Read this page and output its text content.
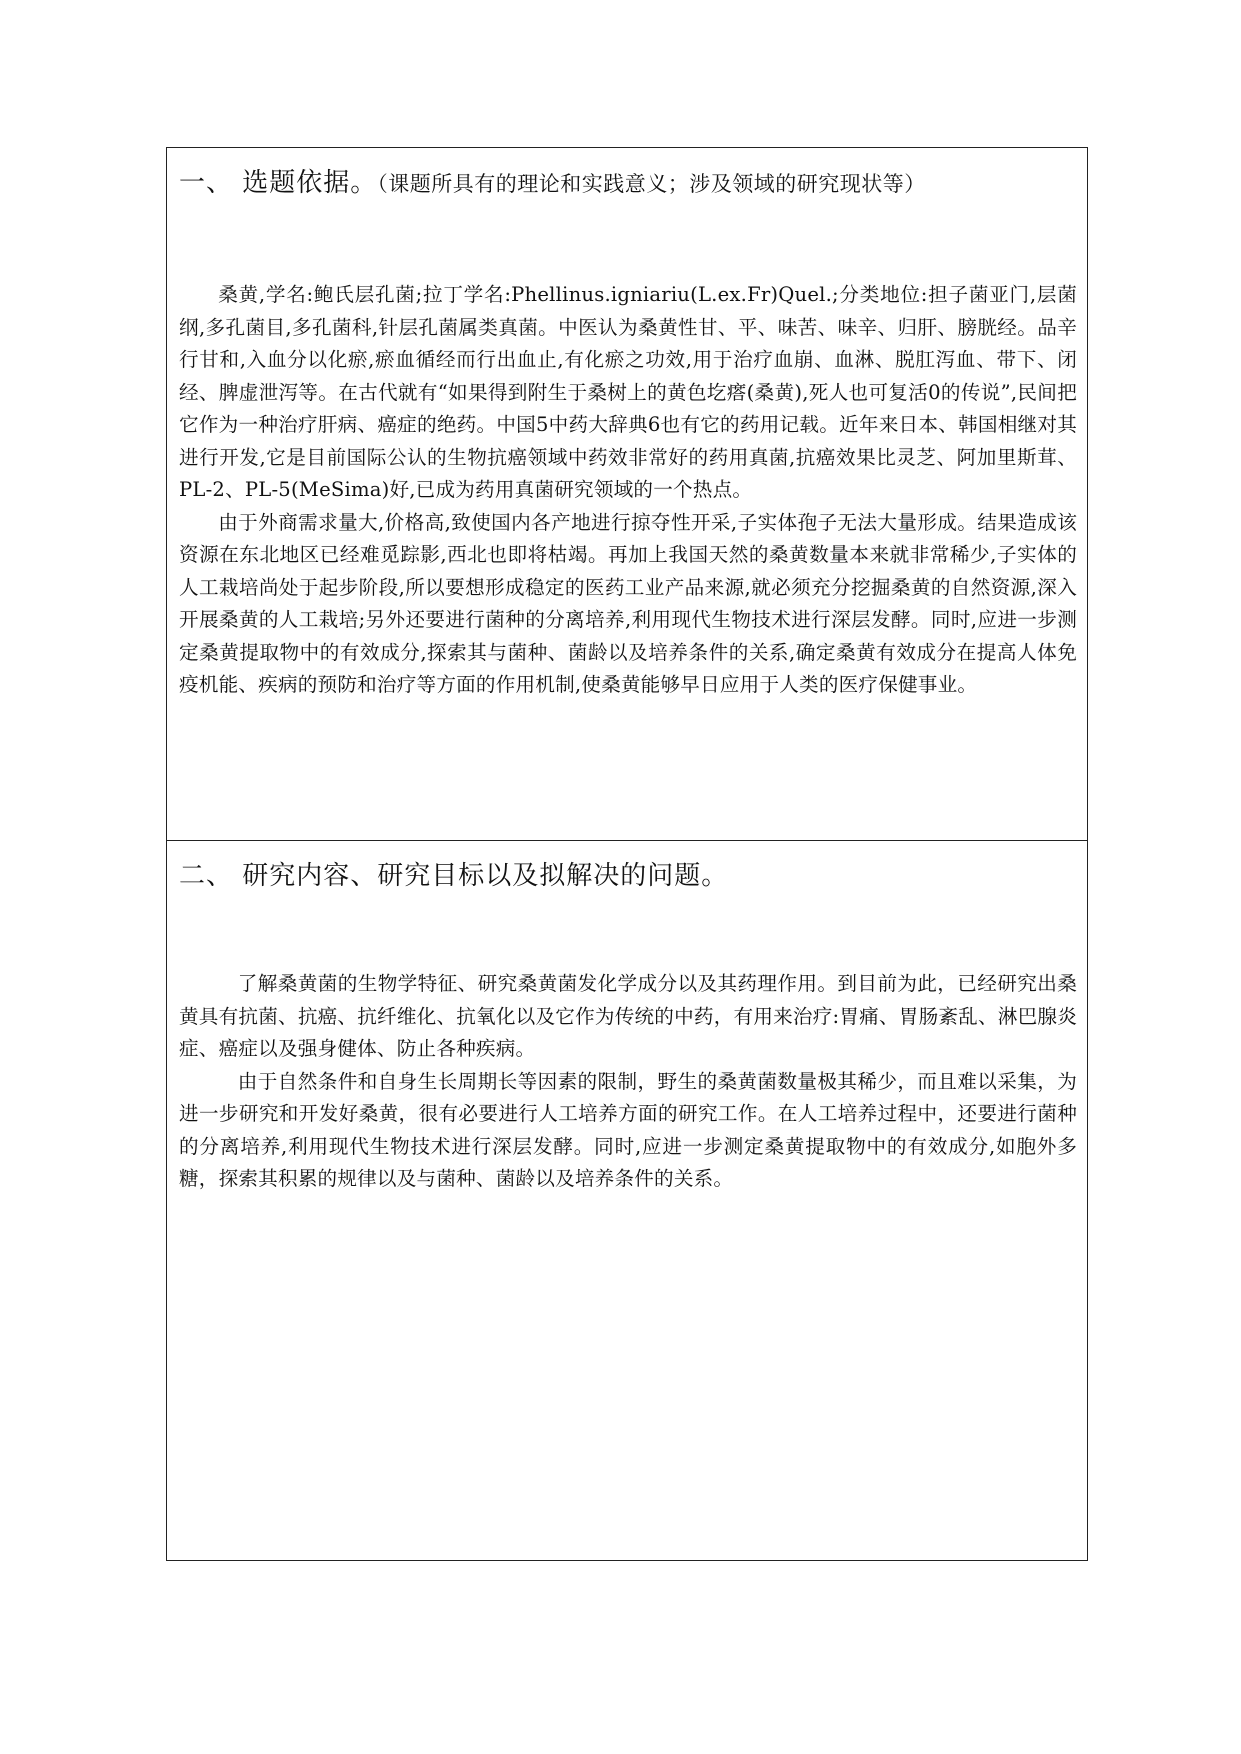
一、 选题依据。（课题所具有的理论和实践意义；涉及领域的研究现状等）

桑黄,学名:鲍氏层孔菌;拉丁学名:Phellinus.igniariu(L.ex.Fr)Quel.;分类地位:担子菌亚门,层菌纲,多孔菌目,多孔菌科,针层孔菌属类真菌。中医认为桑黄性甘、平、味苦、味辛、归肝、膀胱经。品辛行甘和,入血分以化瘀,瘀血循经而行出血止,有化瘀之功效,用于治疗血崩、血淋、脱肛泻血、带下、闭经、脾虚泄泻等。在古代就有“如果得到附生于桑树上的黄色圪瘩(桑黄),死人也可复活0的传说”,民间把它作为一种治疗肝病、癌症的绝药。中国5中药大辞典6也有它的药用记载。近年来日本、韩国相继对其进行开发,它是目前国际公认的生物抗癌领域中药效非常好的药用真菌,抗癌效果比灵芝、阿加里斯茸、PL-2、PL-5(MeSima)好,已成为药用真菌研究领域的一个热点。

由于外商需求量大,价格高,致使国内各产地进行掠夺性开采,子实体孢子无法大量形成。结果造成该资源在东北地区已经难觅踪影,西北也即将枯竭。再加上我国天然的桑黄数量本来就非常稀少,子实体的人工栽培尚处于起步阶段,所以要想形成稳定的医药工业产品来源,就必须充分挖掘桑黄的自然资源,深入开展桑黄的人工栽培;另外还要进行菌种的分离培养,利用现代生物技术进行深层发酵。同时,应进一步测定桑黄提取物中的有效成分,探索其与菌种、菌龄以及培养条件的关系,确定桑黄有效成分在提高人体免疫机能、疾病的预防和治疗等方面的作用机制,使桑黄能够早日应用于人类的医疗保健事业。

二、 研究内容、研究目标以及拟解决的问题。

了解桑黄菌的生物学特征、研究桑黄菌发化学成分以及其药理作用。到目前为此，已经研究出桑黄具有抗菌、抗癌、抗纤维化、抗氧化以及它作为传统的中药，有用来治疗:胃痛、胃肠紊乱、淋巴腺炎症、癌症以及强身健体、防止各种疾病。

由于自然条件和自身生长周期长等因素的限制，野生的桑黄菌数量极其稀少，而且难以采集，为进一步研究和开发好桑黄，很有必要进行人工培养方面的研究工作。在人工培养过程中，还要进行菌种的分离培养,利用现代生物技术进行深层发酵。同时,应进一步测定桑黄提取物中的有效成分,如胞外多糖，探索其积累的规律以及与菌种、菌龄以及培养条件的关系。
